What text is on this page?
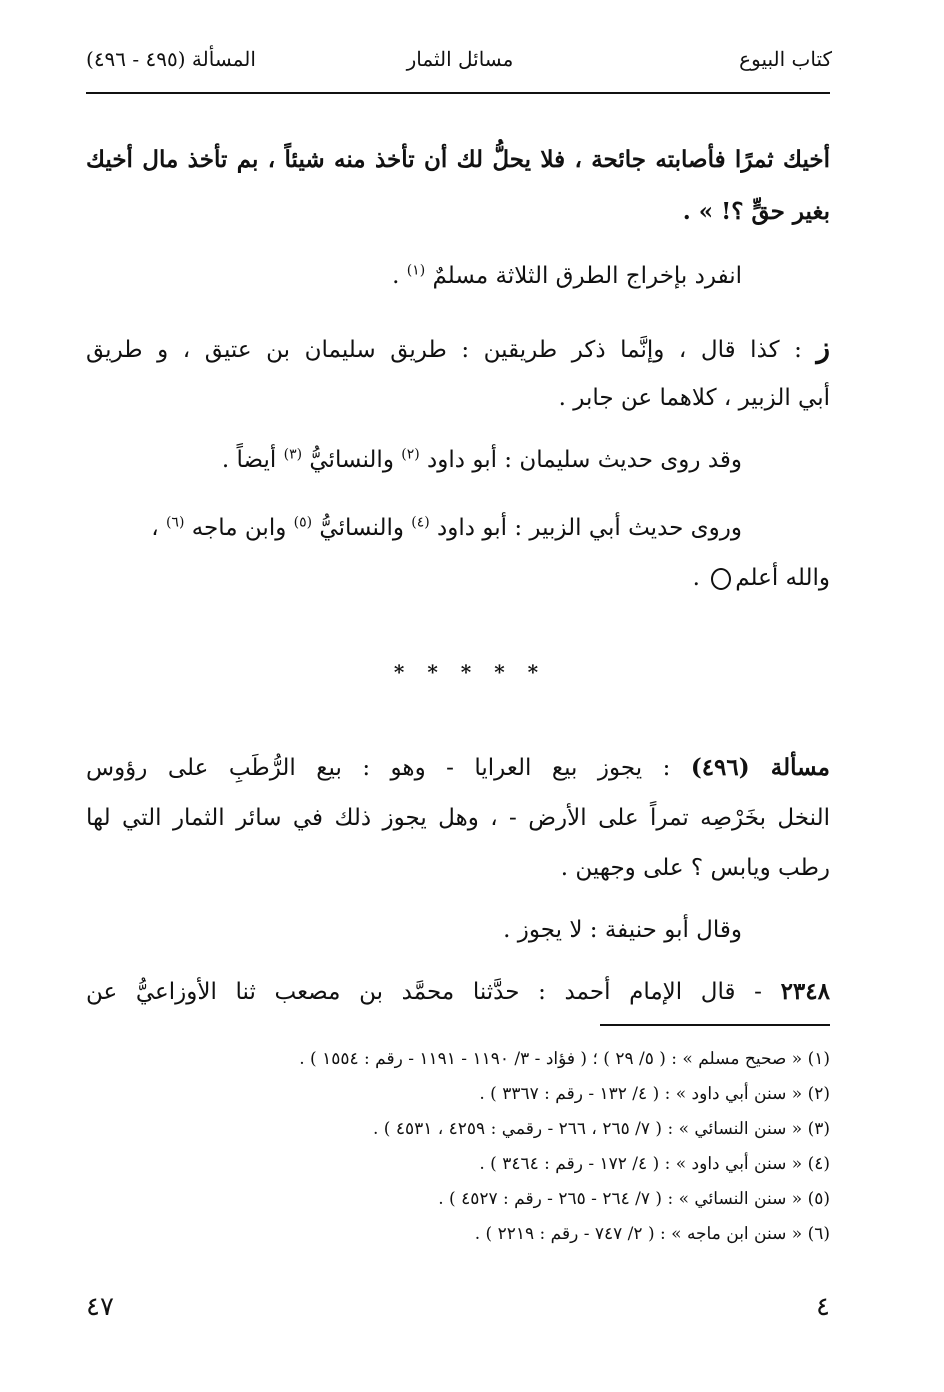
كتاب البيوع
مسائل الثمار
المسألة (٤٩٥ - ٤٩٦)
أخيك ثمرًا فأصابته جائحة ، فلا يحلُّ لك أن تأخذ منه شيئاً ، بم تأخذ مال أخيك
بغير حقٍّ ؟! » .
انفرد بإخراج الطرق الثلاثة مسلمٌ $^{(١)}$ .
ز : كذا قال ، وإنَّما ذكر طريقين : طريق سليمان بن عتيق ، و طريق
أبي الزبير ، كلاهما عن جابر .
وقد روى حديث سليمان : أبو داود $^{(٢)}$ والنسائيُّ $^{(٣)}$ أيضاً .
وروى حديث أبي الزبير : أبو داود $^{(٤)}$ والنسائيُّ $^{(٥)}$ وابن ماجه $^{(٦)}$ ،
والله أعلم .
* * * * *
مسألة (٤٩٦) : يجوز بيع العرايا - وهو : بيع الرُّطَبِ على رؤوس
النخل بخَرْصِه تمراً على الأرض - ، وهل يجوز ذلك في سائر الثمار التي لها
رطب ويابس ؟ على وجهين .
وقال أبو حنيفة : لا يجوز .
٢٣٤٨ - قال الإمام أحمد : حدَّثنا محمَّد بن مصعب ثنا الأوزاعيُّ عن
(١) « صحيح مسلم » : ( ٥/ ٢٩ ) ؛ ( فؤاد - ٣/ ١١٩٠ - ١١٩١ - رقم : ١٥٥٤ ) .
(٢) « سنن أبي داود » : ( ٤/ ١٣٢ - رقم : ٣٣٦٧ ) .
(٣) « سنن النسائي » : ( ٧/ ٢٦٥ ، ٢٦٦ - رقمي : ٤٢٥٩ ، ٤٥٣١ ) .
(٤) « سنن أبي داود » : ( ٤/ ١٧٢ - رقم : ٣٤٦٤ ) .
(٥) « سنن النسائي » : ( ٧/ ٢٦٤ - ٢٦٥ - رقم : ٤٥٢٧ ) .
(٦) « سنن ابن ماجه » : ( ٢/ ٧٤٧ - رقم : ٢٢١٩ ) .
٤٧	٤
